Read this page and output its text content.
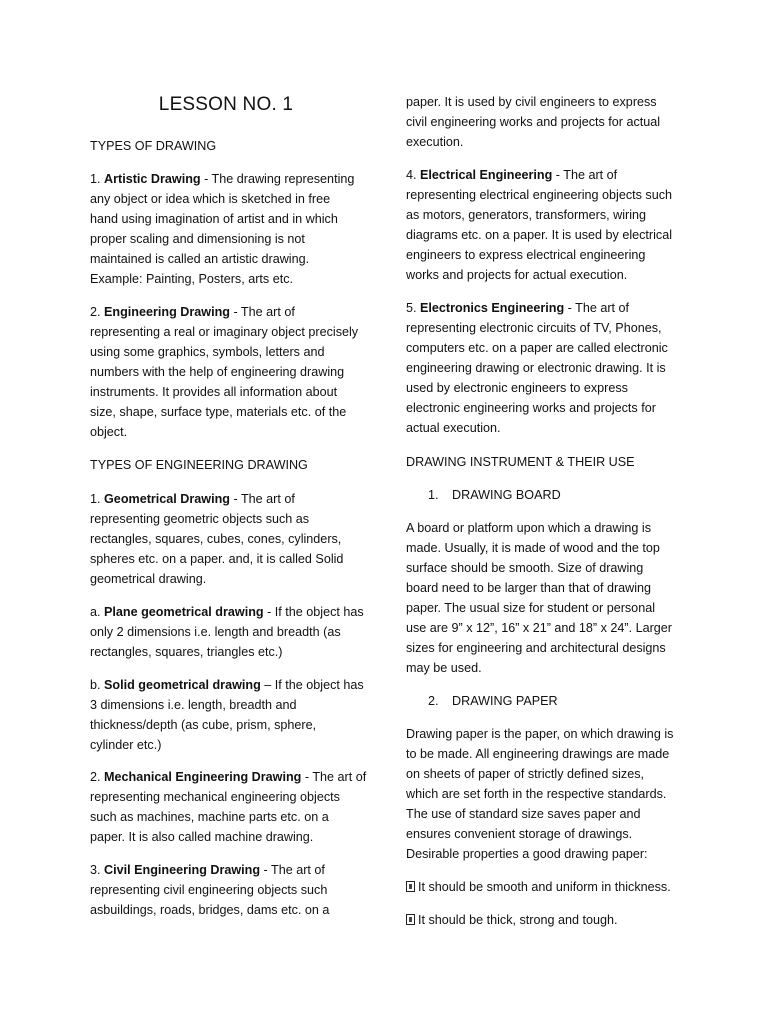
LESSON NO. 1
TYPES OF DRAWING
1. Artistic Drawing - The drawing representing
any object or idea which is sketched in free
hand using imagination of artist and in which
proper scaling and dimensioning is not
maintained is called an artistic drawing.
Example: Painting, Posters, arts etc.
2. Engineering Drawing - The art of
representing a real or imaginary object precisely
using some graphics, symbols, letters and
numbers with the help of engineering drawing
instruments. It provides all information about
size, shape, surface type, materials etc. of the
object.
TYPES OF ENGINEERING DRAWING
1. Geometrical Drawing - The art of
representing geometric objects such as
rectangles, squares, cubes, cones, cylinders,
spheres etc. on a paper. and, it is called Solid
geometrical drawing.
a. Plane geometrical drawing - If the object has
only 2 dimensions i.e. length and breadth (as
rectangles, squares, triangles etc.)
b. Solid geometrical drawing – If the object has
3 dimensions i.e. length, breadth and
thickness/depth (as cube, prism, sphere,
cylinder etc.)
2. Mechanical Engineering Drawing - The art of
representing mechanical engineering objects
such as machines, machine parts etc. on a
paper. It is also called machine drawing.
3. Civil Engineering Drawing - The art of
representing civil engineering objects such
asbuildings, roads, bridges, dams etc. on a
paper. It is used by civil engineers to express
civil engineering works and projects for actual
execution.
4. Electrical Engineering - The art of
representing electrical engineering objects such
as motors, generators, transformers, wiring
diagrams etc. on a paper. It is used by electrical
engineers to express electrical engineering
works and projects for actual execution.
5. Electronics Engineering - The art of
representing electronic circuits of TV, Phones,
computers etc. on a paper are called electronic
engineering drawing or electronic drawing. It is
used by electronic engineers to express
electronic engineering works and projects for
actual execution.
DRAWING INSTRUMENT & THEIR USE
1. DRAWING BOARD
A board or platform upon which a drawing is
made. Usually, it is made of wood and the top
surface should be smooth. Size of drawing
board need to be larger than that of drawing
paper. The usual size for student or personal
use are 9” x 12”, 16” x 21” and 18” x 24”. Larger
sizes for engineering and architectural designs
may be used.
2. DRAWING PAPER
Drawing paper is the paper, on which drawing is
to be made. All engineering drawings are made
on sheets of paper of strictly defined sizes,
which are set forth in the respective standards.
The use of standard size saves paper and
ensures convenient storage of drawings.
Desirable properties a good drawing paper:
It should be smooth and uniform in thickness.
It should be thick, strong and tough.
